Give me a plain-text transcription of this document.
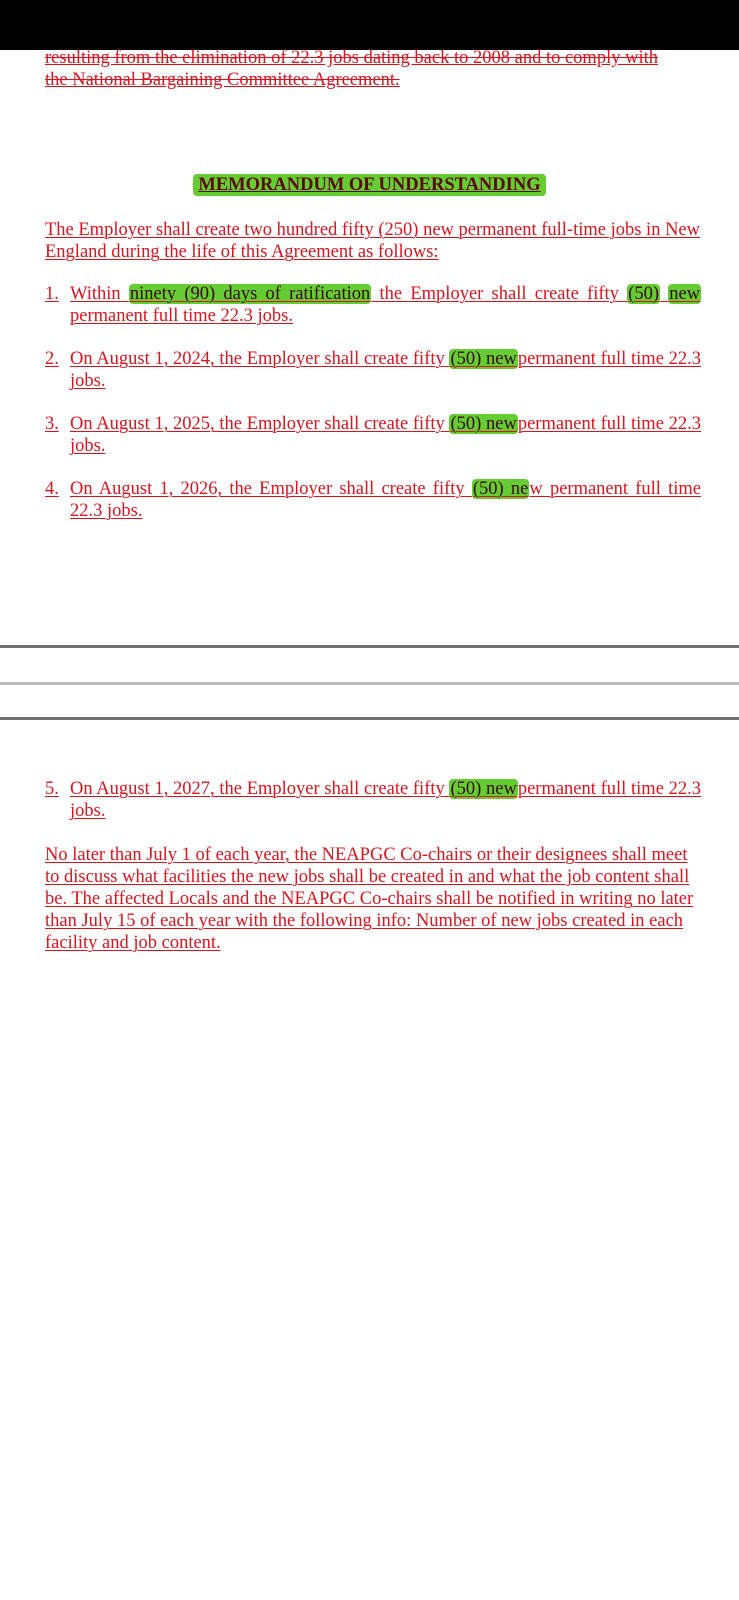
resulting from the elimination of 22.3 jobs dating back to 2008 and to comply with
the National Bargaining Committee Agreement.
MEMORANDUM OF UNDERSTANDING
The Employer shall create two hundred fifty (250) new permanent full-time jobs in New England during the life of this Agreement as follows:
1. Within ninety (90) days of ratification the Employer shall create fifty (50) new permanent full time 22.3 jobs.
2. On August 1, 2024, the Employer shall create fifty (50) newpermanent full time 22.3 jobs.
3. On August 1, 2025, the Employer shall create fifty (50) newpermanent full time 22.3 jobs.
4. On August 1, 2026, the Employer shall create fifty (50) new permanent full time 22.3 jobs.
5. On August 1, 2027, the Employer shall create fifty (50) newpermanent full time 22.3 jobs.
No later than July 1 of each year, the NEAPGC Co-chairs or their designees shall meet to discuss what facilities the new jobs shall be created in and what the job content shall be. The affected Locals and the NEAPGC Co-chairs shall be notified in writing no later than July 15 of each year with the following info: Number of new jobs created in each facility and job content.
